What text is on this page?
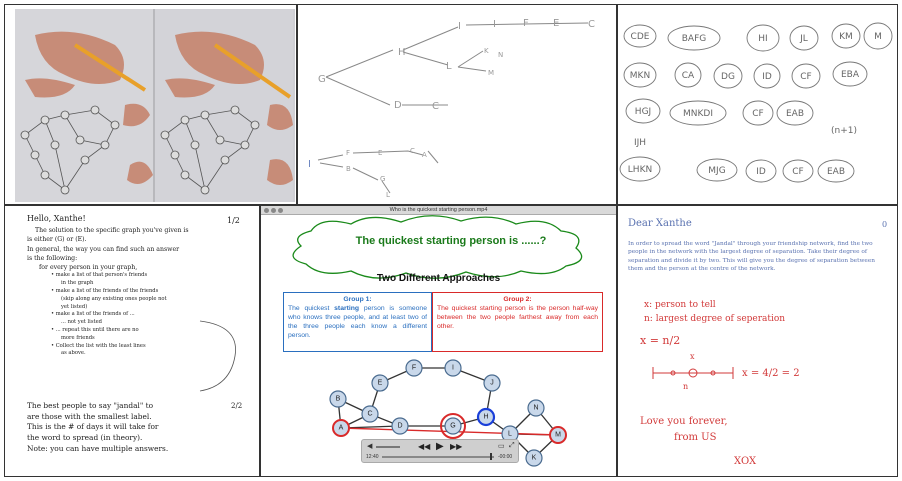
G
H
I	I	F E	C
L
K
M
N
D	C
I
F	E	C
B
G
A
L
CDE	BAFG	HI	JL	KM M
MKN	CA	DG	ID	CF	EBA
HGJ	MNKDI	CF EAB
IJH
(n+1)
LHKN	MJG	ID	CF	EAB
Hello, Xanthe!	1/2
The solution to the specific graph you've given is
is either (G) or (E).
In general, the way you can find such an answer
is the following:
for every person in your graph,
• make a list of that person's friends
in the graph
• make a list of the friends of the friends
(skip along any existing ones people not
yet listed)
• make a list of the friends of ...
... not yet listed
• ... repeat this until there are no
more friends
• Collect the list with the least lines
as above.
The best people to say "jandal" to
are those with the smallest label.
This is the # of days it will take for
the word to spread (in theory).
Note: you can have multiple answers.
2/2
Who is the quickest starting person.mp4
B
A
C
E
F	I
J
D	G
H
L
N
M
K
The quickest starting person is ......?
Two Different Approaches
Group 1:
The quickest starting person is someone who knows three people, and at least two of the three people each know a different person.
Group 2:
The quickest starting person is the person half-way between the two people farthest away from each other.
◀	◀◀ ▶ ▶▶	▭ ⤢
12:40	-00:00
Dear Xanthe	0
In order to spread the word "Jandal" through your friendship network, find the two people in the network with the largest degree of separation. Take their degree of separation and divide it by two. This will give you the degree of separation between them and the person at the centre of the network.
x: person to tell
n: largest degree of seperation
x = n/2
x
n
x = 4/2 = 2
Love you forever,
from US
XOX
